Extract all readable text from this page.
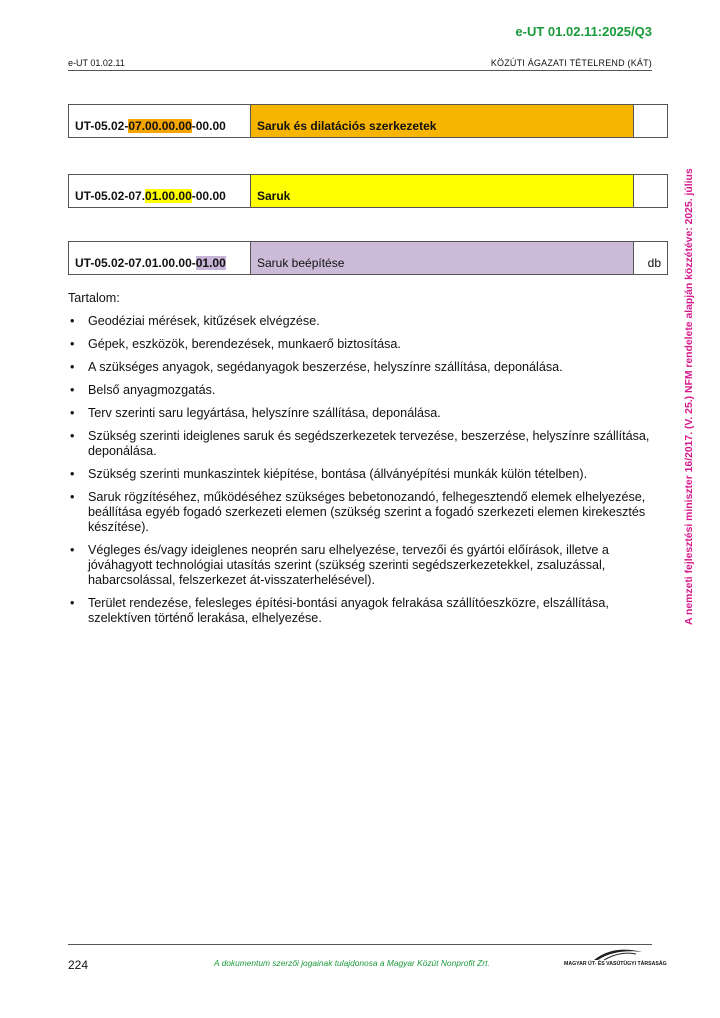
e-UT 01.02.11:2025/Q3
e-UT 01.02.11	KÖZÚTI ÁGAZATI TÉTELREND (KÁT)
A nemzeti fejlesztési miniszter 16/2017. (V. 25.) NFM rendelete alapján közzétéve: 2025. július
UT-05.02-07.00.00.00-00.00	Saruk és dilatációs szerkezetek	
UT-05.02-07.01.00.00-00.00	Saruk	
UT-05.02-07.01.00.00-01.00	Saruk beépítése	db
Tartalom:
• Geodéziai mérések, kitűzések elvégzése.
• Gépek, eszközök, berendezések, munkaerő biztosítása.
• A szükséges anyagok, segédanyagok beszerzése, helyszínre szállítása, deponálása.
• Belső anyagmozgatás.
• Terv szerinti saru legyártása, helyszínre szállítása, deponálása.
• Szükség szerinti ideiglenes saruk és segédszerkezetek tervezése, beszerzése, helyszínre szállítása, deponálása.
• Szükség szerinti munkaszintek kiépítése, bontása (állványépítési munkák külön tételben).
• Saruk rögzítéséhez, működéséhez szükséges bebetonozandó, felhegesztendő elemek elhelyezése, beállítása egyéb fogadó szerkezeti elemen (szükség szerint a fogadó szerkezeti elemen kirekesztés készítése).
• Végleges és/vagy ideiglenes neoprén saru elhelyezése, tervezői és gyártói előírások, illetve a jóváhagyott technológiai utasítás szerint (szükség szerinti segédszerkezetekkel, zsaluzással, habarcsolással, felszerkezet át-visszaterhelésével).
• Terület rendezése, felesleges építési-bontási anyagok felrakása szállítóeszközre, elszállítása, szelektíven történő lerakása, elhelyezése.
224	A dokumentum szerzői jogainak tulajdonosa a Magyar Közút Nonprofit Zrt.	MAGYAR ÚT- ÉS VASÚTÜGYI TÁRSASÁG
